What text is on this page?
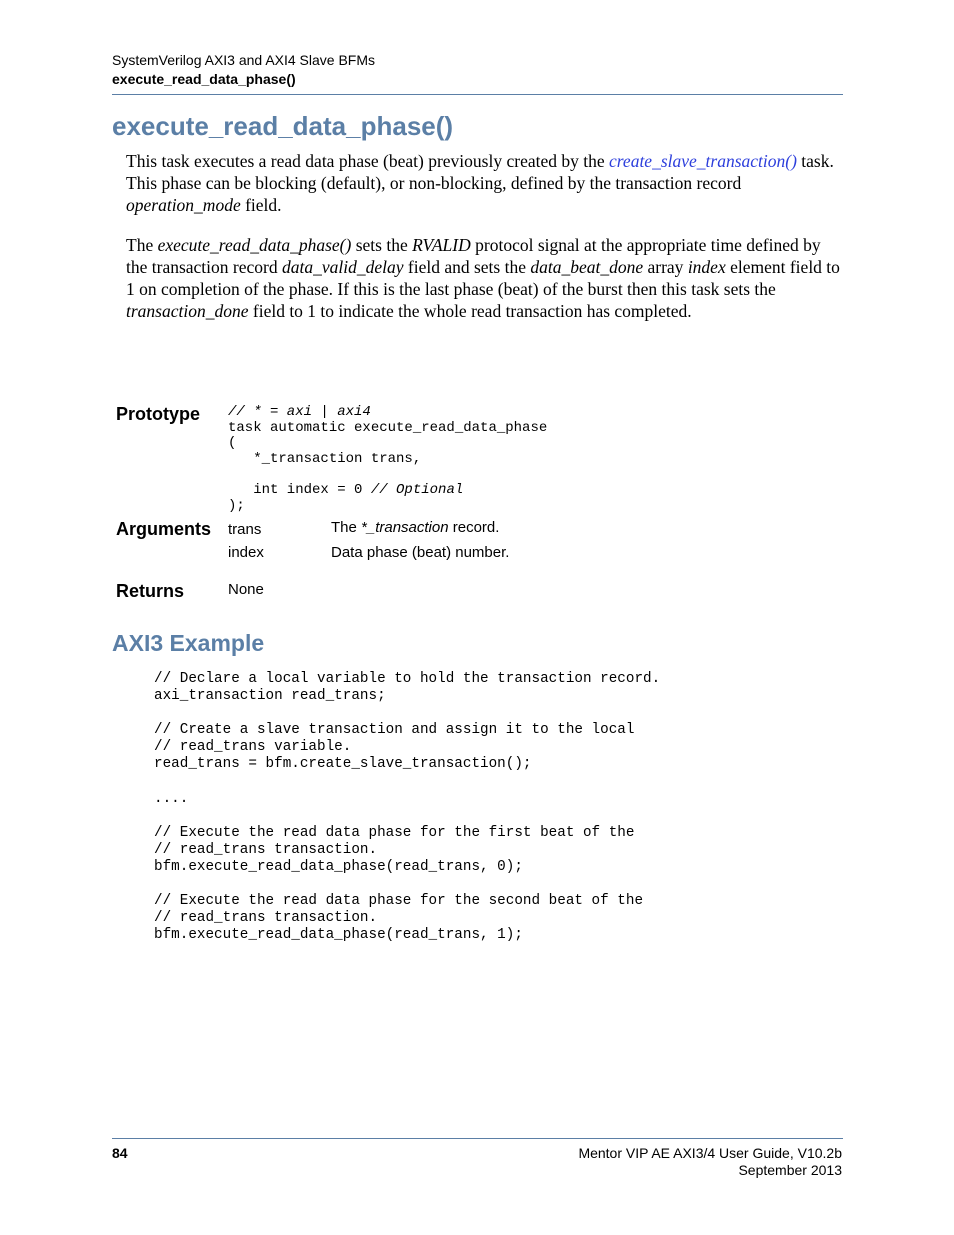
SystemVerilog AXI3 and AXI4 Slave BFMs
execute_read_data_phase()
execute_read_data_phase()

This task executes a read data phase (beat) previously created by the create_slave_transaction() task. This phase can be blocking (default), or non-blocking, defined by the transaction record operation_mode field.

The execute_read_data_phase() sets the RVALID protocol signal at the appropriate time defined by the transaction record data_valid_delay field and sets the data_beat_done array index element field to 1 on completion of the phase. If this is the last phase (beat) of the burst then this task sets the transaction_done field to 1 to indicate the whole read transaction has completed.

Prototype // * = axi | axi4
task automatic execute_read_data_phase
(
*_transaction trans,

int index = 0 // Optional
);
Arguments trans	The *_transaction record.
index	Data phase (beat) number.
Returns	None
AXI3 Example
// Declare a local variable to hold the transaction record.
axi_transaction read_trans;

// Create a slave transaction and assign it to the local
// read_trans variable.
read_trans = bfm.create_slave_transaction();

....

// Execute the read data phase for the first beat of the
// read_trans transaction.
bfm.execute_read_data_phase(read_trans, 0);

// Execute the read data phase for the second beat of the
// read_trans transaction.
bfm.execute_read_data_phase(read_trans, 1);
84	Mentor VIP AE AXI3/4 User Guide, V10.2b
September 2013
